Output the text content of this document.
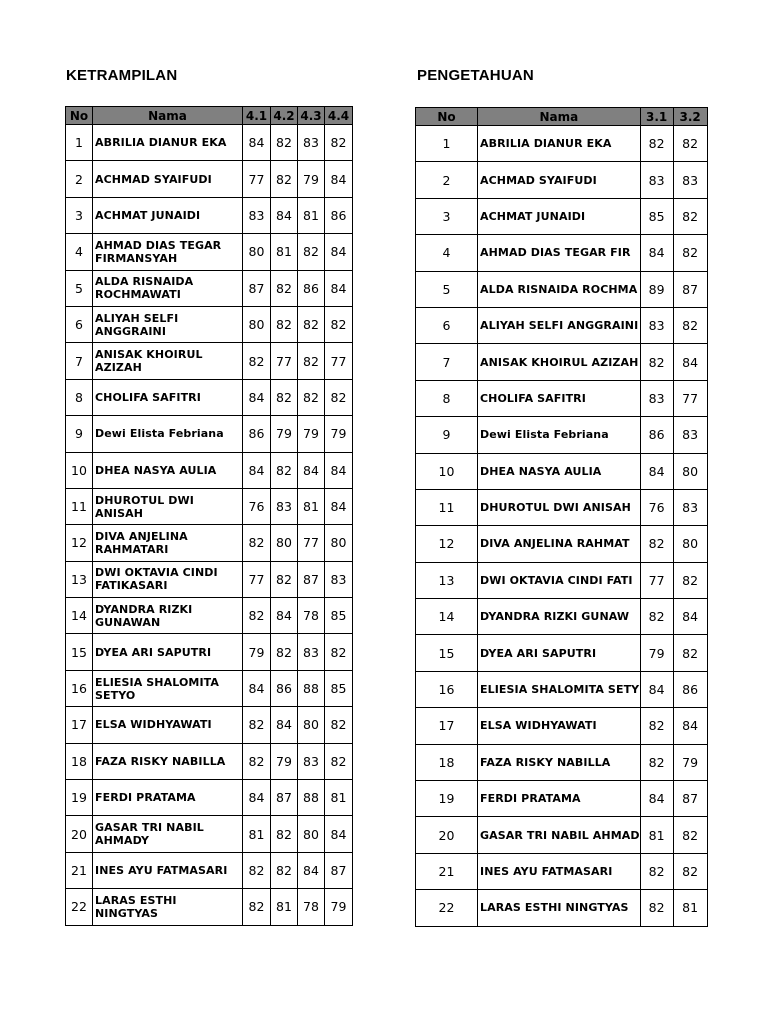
KETRAMPILAN	PENGETAHUAN
No	Nama	4.1	4.2	4.3	4.4
1	ABRILIA DIANUR EKA	84	82	83	82
2	ACHMAD SYAIFUDI	77	82	79	84
3	ACHMAT JUNAIDI	83	84	81	86
4	AHMAD DIAS TEGAR FIRMANSYAH	80	81	82	84
5	ALDA RISNAIDA ROCHMAWATI	87	82	86	84
6	ALIYAH SELFI ANGGRAINI	80	82	82	82
7	ANISAK KHOIRUL AZIZAH	82	77	82	77
8	CHOLIFA SAFITRI	84	82	82	82
9	Dewi Elista Febriana	86	79	79	79
10	DHEA NASYA AULIA	84	82	84	84
11	DHUROTUL DWI ANISAH	76	83	81	84
12	DIVA ANJELINA RAHMATARI	82	80	77	80
13	DWI OKTAVIA CINDI FATIKASARI	77	82	87	83
14	DYANDRA RIZKI GUNAWAN	82	84	78	85
15	DYEA ARI SAPUTRI	79	82	83	82
16	ELIESIA SHALOMITA SETYO	84	86	88	85
17	ELSA WIDHYAWATI	82	84	80	82
18	FAZA RISKY NABILLA	82	79	83	82
19	FERDI PRATAMA	84	87	88	81
20	GASAR TRI NABIL AHMADY	81	82	80	84
21	INES AYU FATMASARI	82	82	84	87
22	LARAS ESTHI NINGTYAS	82	81	78	79
No	Nama	3.1	3.2
1	ABRILIA DIANUR EKA	82	82
2	ACHMAD SYAIFUDI	83	83
3	ACHMAT JUNAIDI	85	82
4	AHMAD DIAS TEGAR FIR	84	82
5	ALDA RISNAIDA ROCHMA	89	87
6	ALIYAH SELFI ANGGRAINI	83	82
7	ANISAK KHOIRUL AZIZAH	82	84
8	CHOLIFA SAFITRI	83	77
9	Dewi Elista Febriana	86	83
10	DHEA NASYA AULIA	84	80
11	DHUROTUL DWI ANISAH	76	83
12	DIVA ANJELINA RAHMAT	82	80
13	DWI OKTAVIA CINDI FATI	77	82
14	DYANDRA RIZKI GUNAW	82	84
15	DYEA ARI SAPUTRI	79	82
16	ELIESIA SHALOMITA SETY	84	86
17	ELSA WIDHYAWATI	82	84
18	FAZA RISKY NABILLA	82	79
19	FERDI PRATAMA	84	87
20	GASAR TRI NABIL AHMAD	81	82
21	INES AYU FATMASARI	82	82
22	LARAS ESTHI NINGTYAS	82	81
